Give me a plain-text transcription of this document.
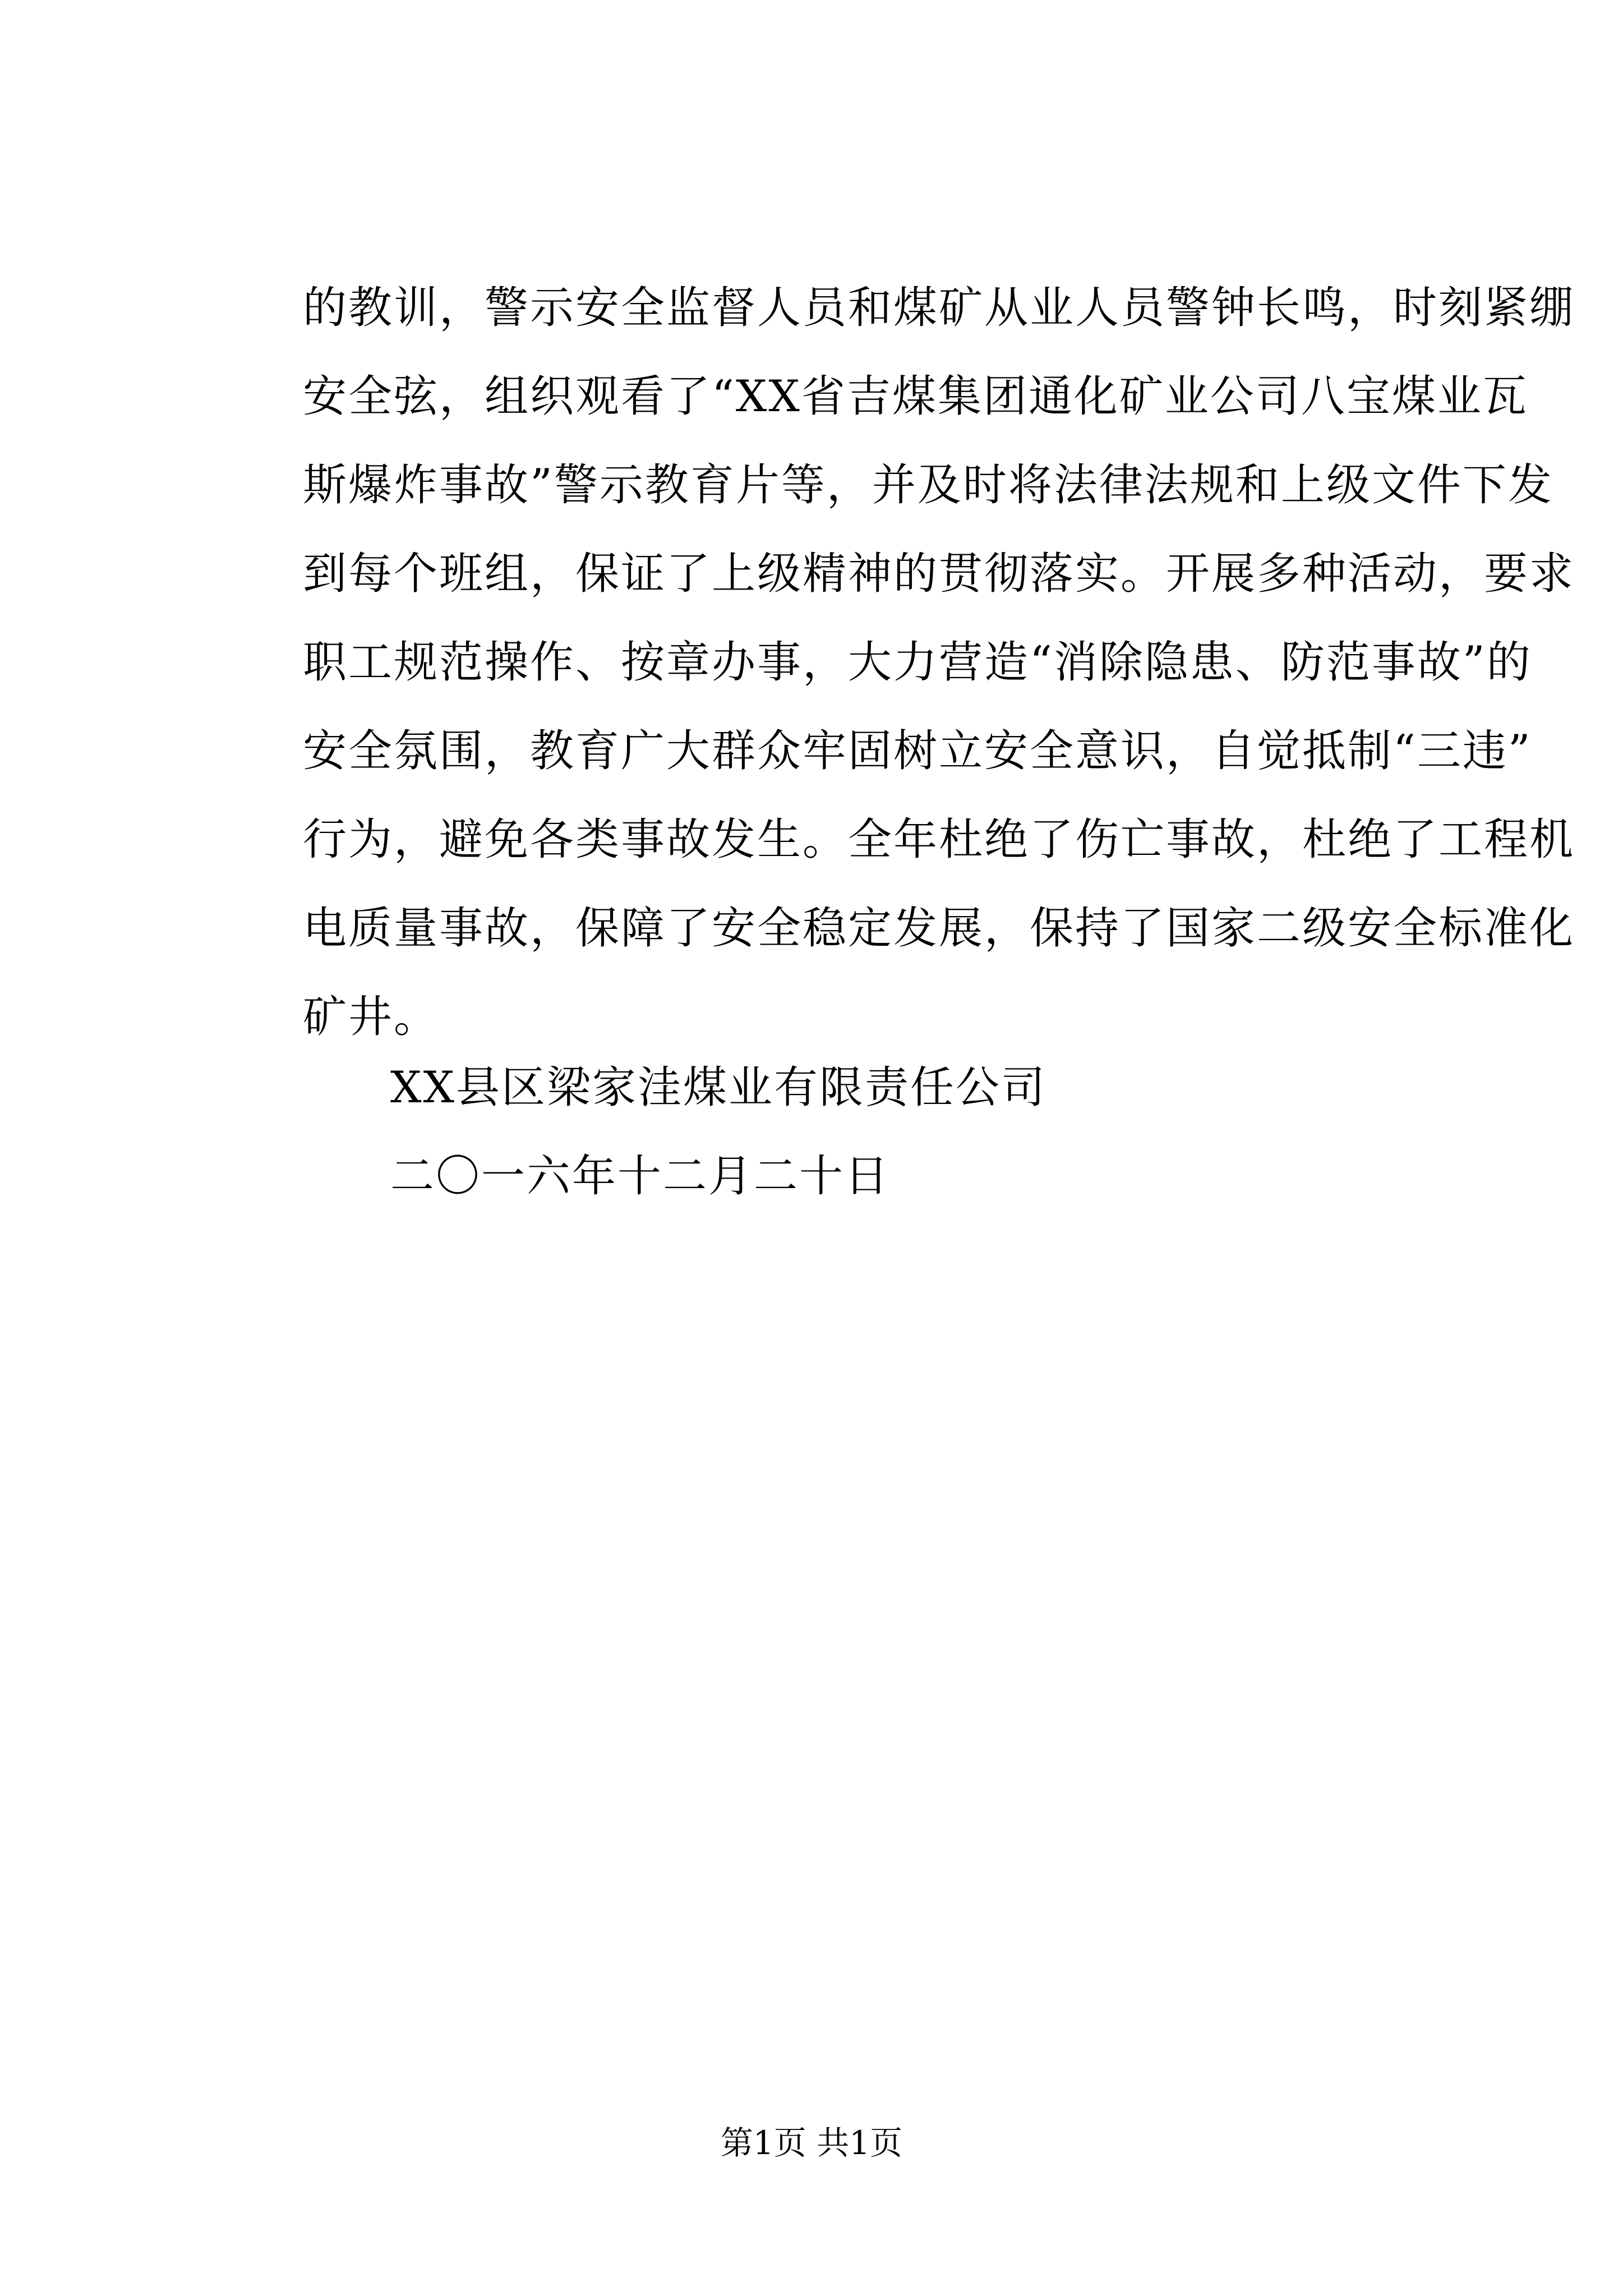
的教训，警示安全监督人员和煤矿从业人员警钟长鸣，时刻紧绷
安全弦，组织观看了“XX省吉煤集团通化矿业公司八宝煤业瓦
斯爆炸事故”警示教育片等，并及时将法律法规和上级文件下发
到每个班组，保证了上级精神的贯彻落实。开展多种活动，要求
职工规范操作、按章办事，大力营造“消除隐患、防范事故”的
安全氛围，教育广大群众牢固树立安全意识，自觉抵制“三违”
行为，避免各类事故发生。全年杜绝了伤亡事故，杜绝了工程机
电质量事故，保障了安全稳定发展，保持了国家二级安全标准化
矿井。
XX县区梁家洼煤业有限责任公司
二〇一六年十二月二十日
第1页 共1页
